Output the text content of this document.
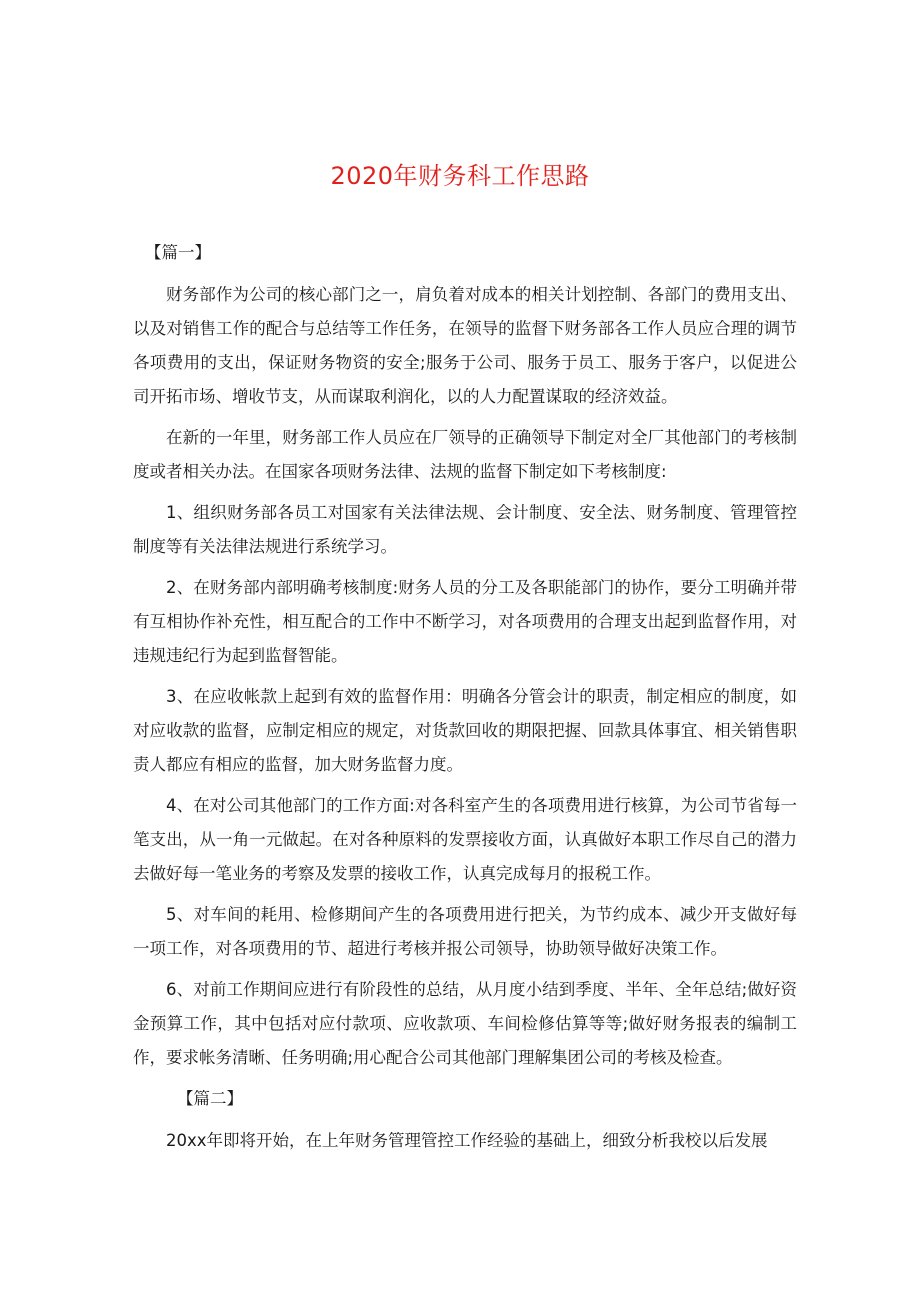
2020年财务科工作思路

【篇一】

财务部作为公司的核心部门之一，肩负着对成本的相关计划控制、各部门的费用支出、以及对销售工作的配合与总结等工作任务，在领导的监督下财务部各工作人员应合理的调节各项费用的支出，保证财务物资的安全;服务于公司、服务于员工、服务于客户，以促进公司开拓市场、增收节支，从而谋取利润化，以的人力配置谋取的经济效益。

在新的一年里，财务部工作人员应在厂领导的正确领导下制定对全厂其他部门的考核制度或者相关办法。在国家各项财务法律、法规的监督下制定如下考核制度:

1、组织财务部各员工对国家有关法律法规、会计制度、安全法、财务制度、管理管控制度等有关法律法规进行系统学习。

2、在财务部内部明确考核制度:财务人员的分工及各职能部门的协作，要分工明确并带有互相协作补充性，相互配合的工作中不断学习，对各项费用的合理支出起到监督作用，对违规违纪行为起到监督智能。

3、在应收帐款上起到有效的监督作用：明确各分管会计的职责，制定相应的制度，如对应收款的监督，应制定相应的规定，对货款回收的期限把握、回款具体事宜、相关销售职责人都应有相应的监督，加大财务监督力度。

4、在对公司其他部门的工作方面:对各科室产生的各项费用进行核算，为公司节省每一笔支出，从一角一元做起。在对各种原料的发票接收方面，认真做好本职工作尽自己的潜力去做好每一笔业务的考察及发票的接收工作，认真完成每月的报税工作。

5、对车间的耗用、检修期间产生的各项费用进行把关，为节约成本、减少开支做好每一项工作，对各项费用的节、超进行考核并报公司领导，协助领导做好决策工作。

6、对前工作期间应进行有阶段性的总结，从月度小结到季度、半年、全年总结;做好资金预算工作，其中包括对应付款项、应收款项、车间检修估算等等;做好财务报表的编制工作，要求帐务清晰、任务明确;用心配合公司其他部门理解集团公司的考核及检查。

【篇二】

20xx年即将开始，在上年财务管理管控工作经验的基础上，细致分析我校以后发展
